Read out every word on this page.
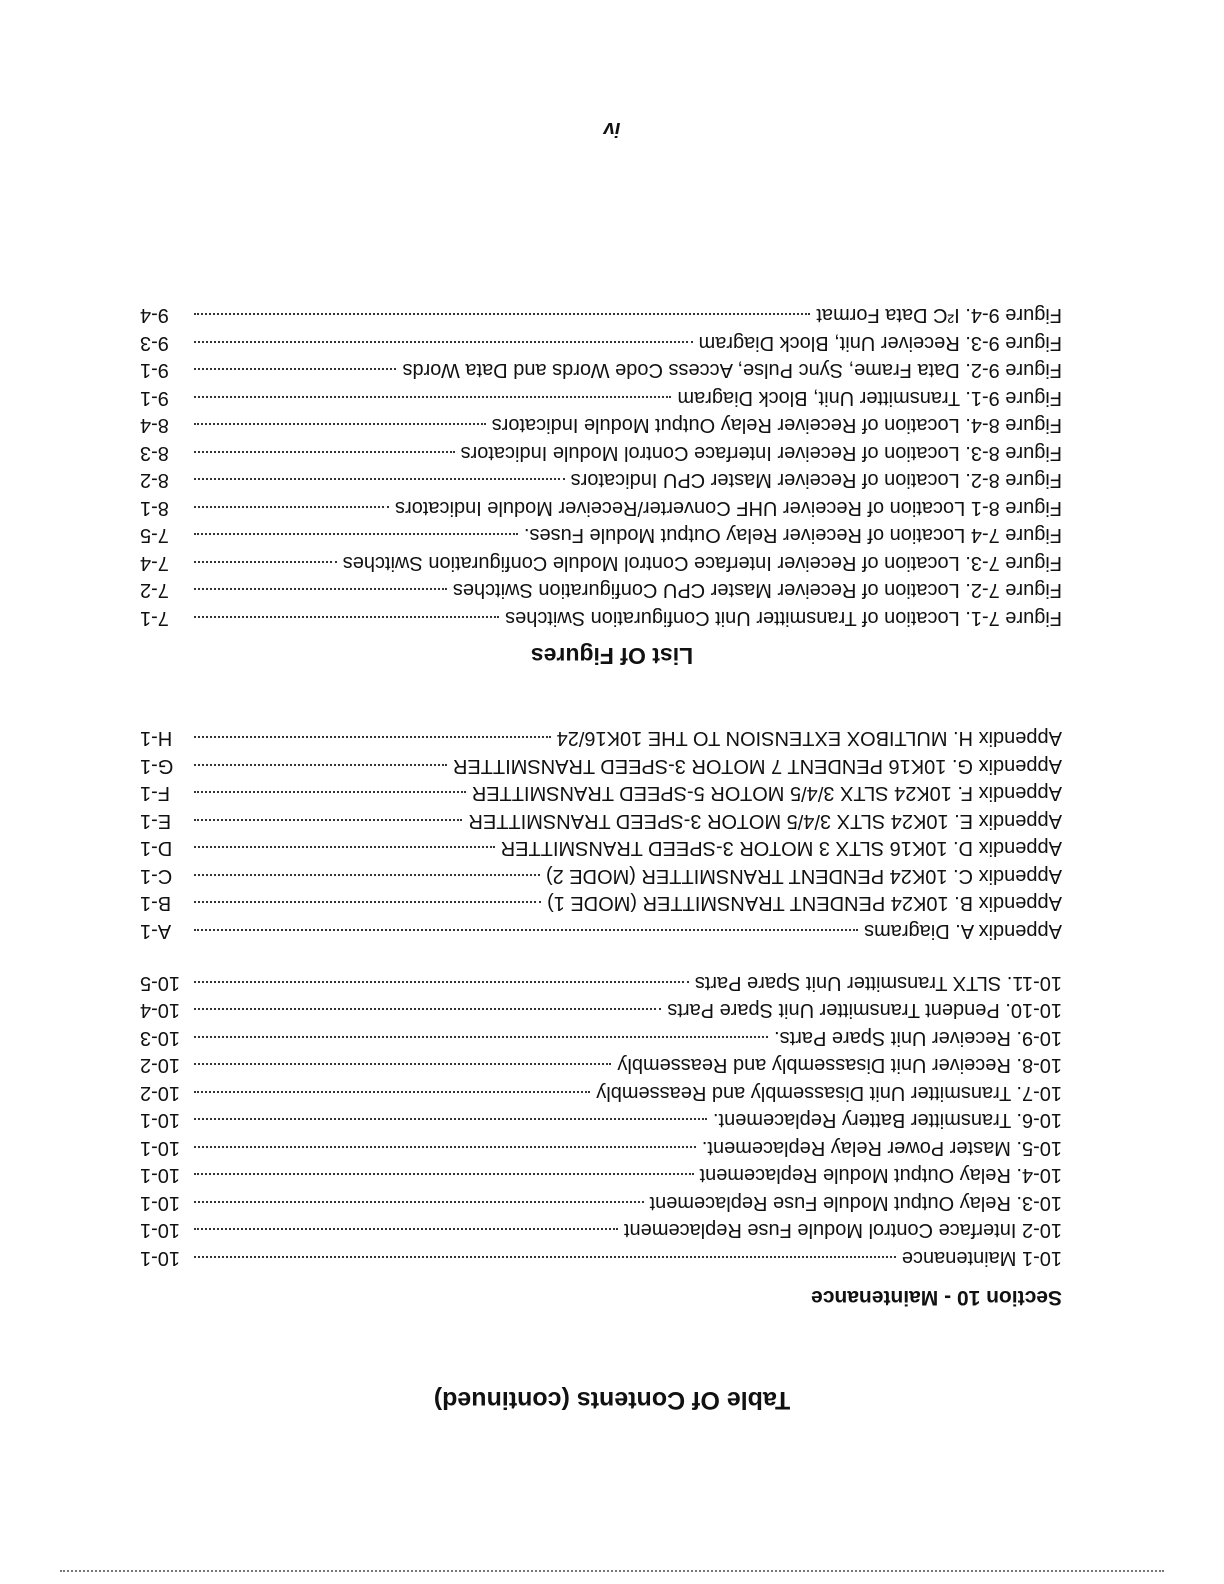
Table Of Contents (continued)
Section 10 - Maintenance
10-1 Maintenance
10-1
10-2 Interface Control Module Fuse Replacement
10-1
10-3. Relay Output Module Fuse Replacement
10-1
10-4. Relay Output Module Replacement
10-1
10-5. Master Power Relay Replacement.
10-1
10-6. Transmitter Battery Replacement.
10-1
10-7. Transmitter Unit Disassembly and Reassembly
10-2
10-8. Receiver Unit Disassembly and Reassembly
10-2
10-9. Receiver Unit Spare Parts.
10-3
10-10. Pendent Transmitter Unit Spare Parts
10-4
10-11. SLTX Transmitter Unit Spare Parts
10-5
Appendix A. Diagrams
A-1
Appendix B. 10K24 PENDENT TRANSMITTER (MODE 1)
B-1
Appendix C. 10K24 PENDENT TRANSMITTER (MODE 2)
C-1
Appendix D. 10K16 SLTX 3 MOTOR 3-SPEED TRANSMITTER
D-1
Appendix E. 10K24 SLTX 3/4/5 MOTOR 3-SPEED TRANSMITTER
E-1
Appendix F. 10K24 SLTX 3/4/5 MOTOR 5-SPEED TRANSMITTER
F-1
Appendix G. 10K16 PENDENT 7 MOTOR 3-SPEED TRANSMITTER
G-1
Appendix H. MULTIBOX EXTENSION TO THE 10K16/24
H-1
List Of Figures
Figure 7-1. Location of Transmitter Unit Configuration Switches
7-1
Figure 7-2. Location of Receiver Master CPU Configuration Switches
7-2
Figure 7-3. Location of Receiver Interface Control Module Configuration Switches
7-4
Figure 7-4 Location of Receiver Relay Output Module Fuses.
7-5
Figure 8-1 Location of Receiver UHF Converter/Receiver Module Indicators
8-1
Figure 8-2. Location of Receiver Master CPU Indicators
8-2
Figure 8-3. Location of Receiver Interface Control Module Indicators
8-3
Figure 8-4. Location of Receiver Relay Output Module Indicators
8-4
Figure 9-1. Transmitter Unit, Block Diagram
9-1
Figure 9-2. Data Frame, Sync Pulse, Access Code Words and Data Words
9-1
Figure 9-3. Receiver Unit, Block Diagram
9-3
Figure 9-4. I²C Data Format
9-4
iv
